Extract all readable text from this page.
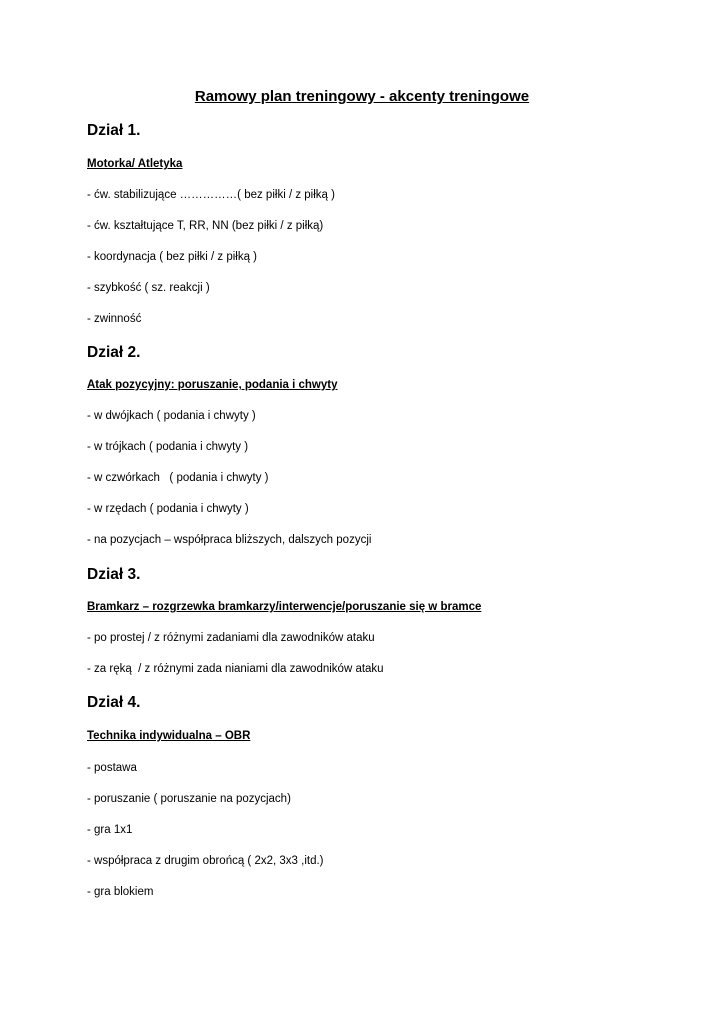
Ramowy plan treningowy - akcenty treningowe
Dział 1.
Motorka/ Atletyka
- ćw. stabilizujące ……………( bez piłki / z piłką )
- ćw. kształtujące T, RR, NN (bez piłki / z piłką)
- koordynacja ( bez piłki / z piłką )
- szybkość ( sz. reakcji )
- zwinność
Dział 2.
Atak pozycyjny: poruszanie, podania i chwyty
- w dwójkach ( podania i chwyty )
- w trójkach ( podania i chwyty )
- w czwórkach   ( podania i chwyty )
- w rzędach ( podania i chwyty )
- na pozycjach – współpraca bliższych, dalszych pozycji
Dział 3.
Bramkarz – rozgrzewka bramkarzy/interwencje/poruszanie się w bramce
- po prostej / z różnymi zadaniami dla zawodników ataku
- za ręką  / z różnymi zada nianiami dla zawodników ataku
Dział 4.
Technika indywidualna – OBR
- postawa
- poruszanie ( poruszanie na pozycjach)
- gra 1x1
- współpraca z drugim obrońcą ( 2x2, 3x3 ,itd.)
- gra blokiem
